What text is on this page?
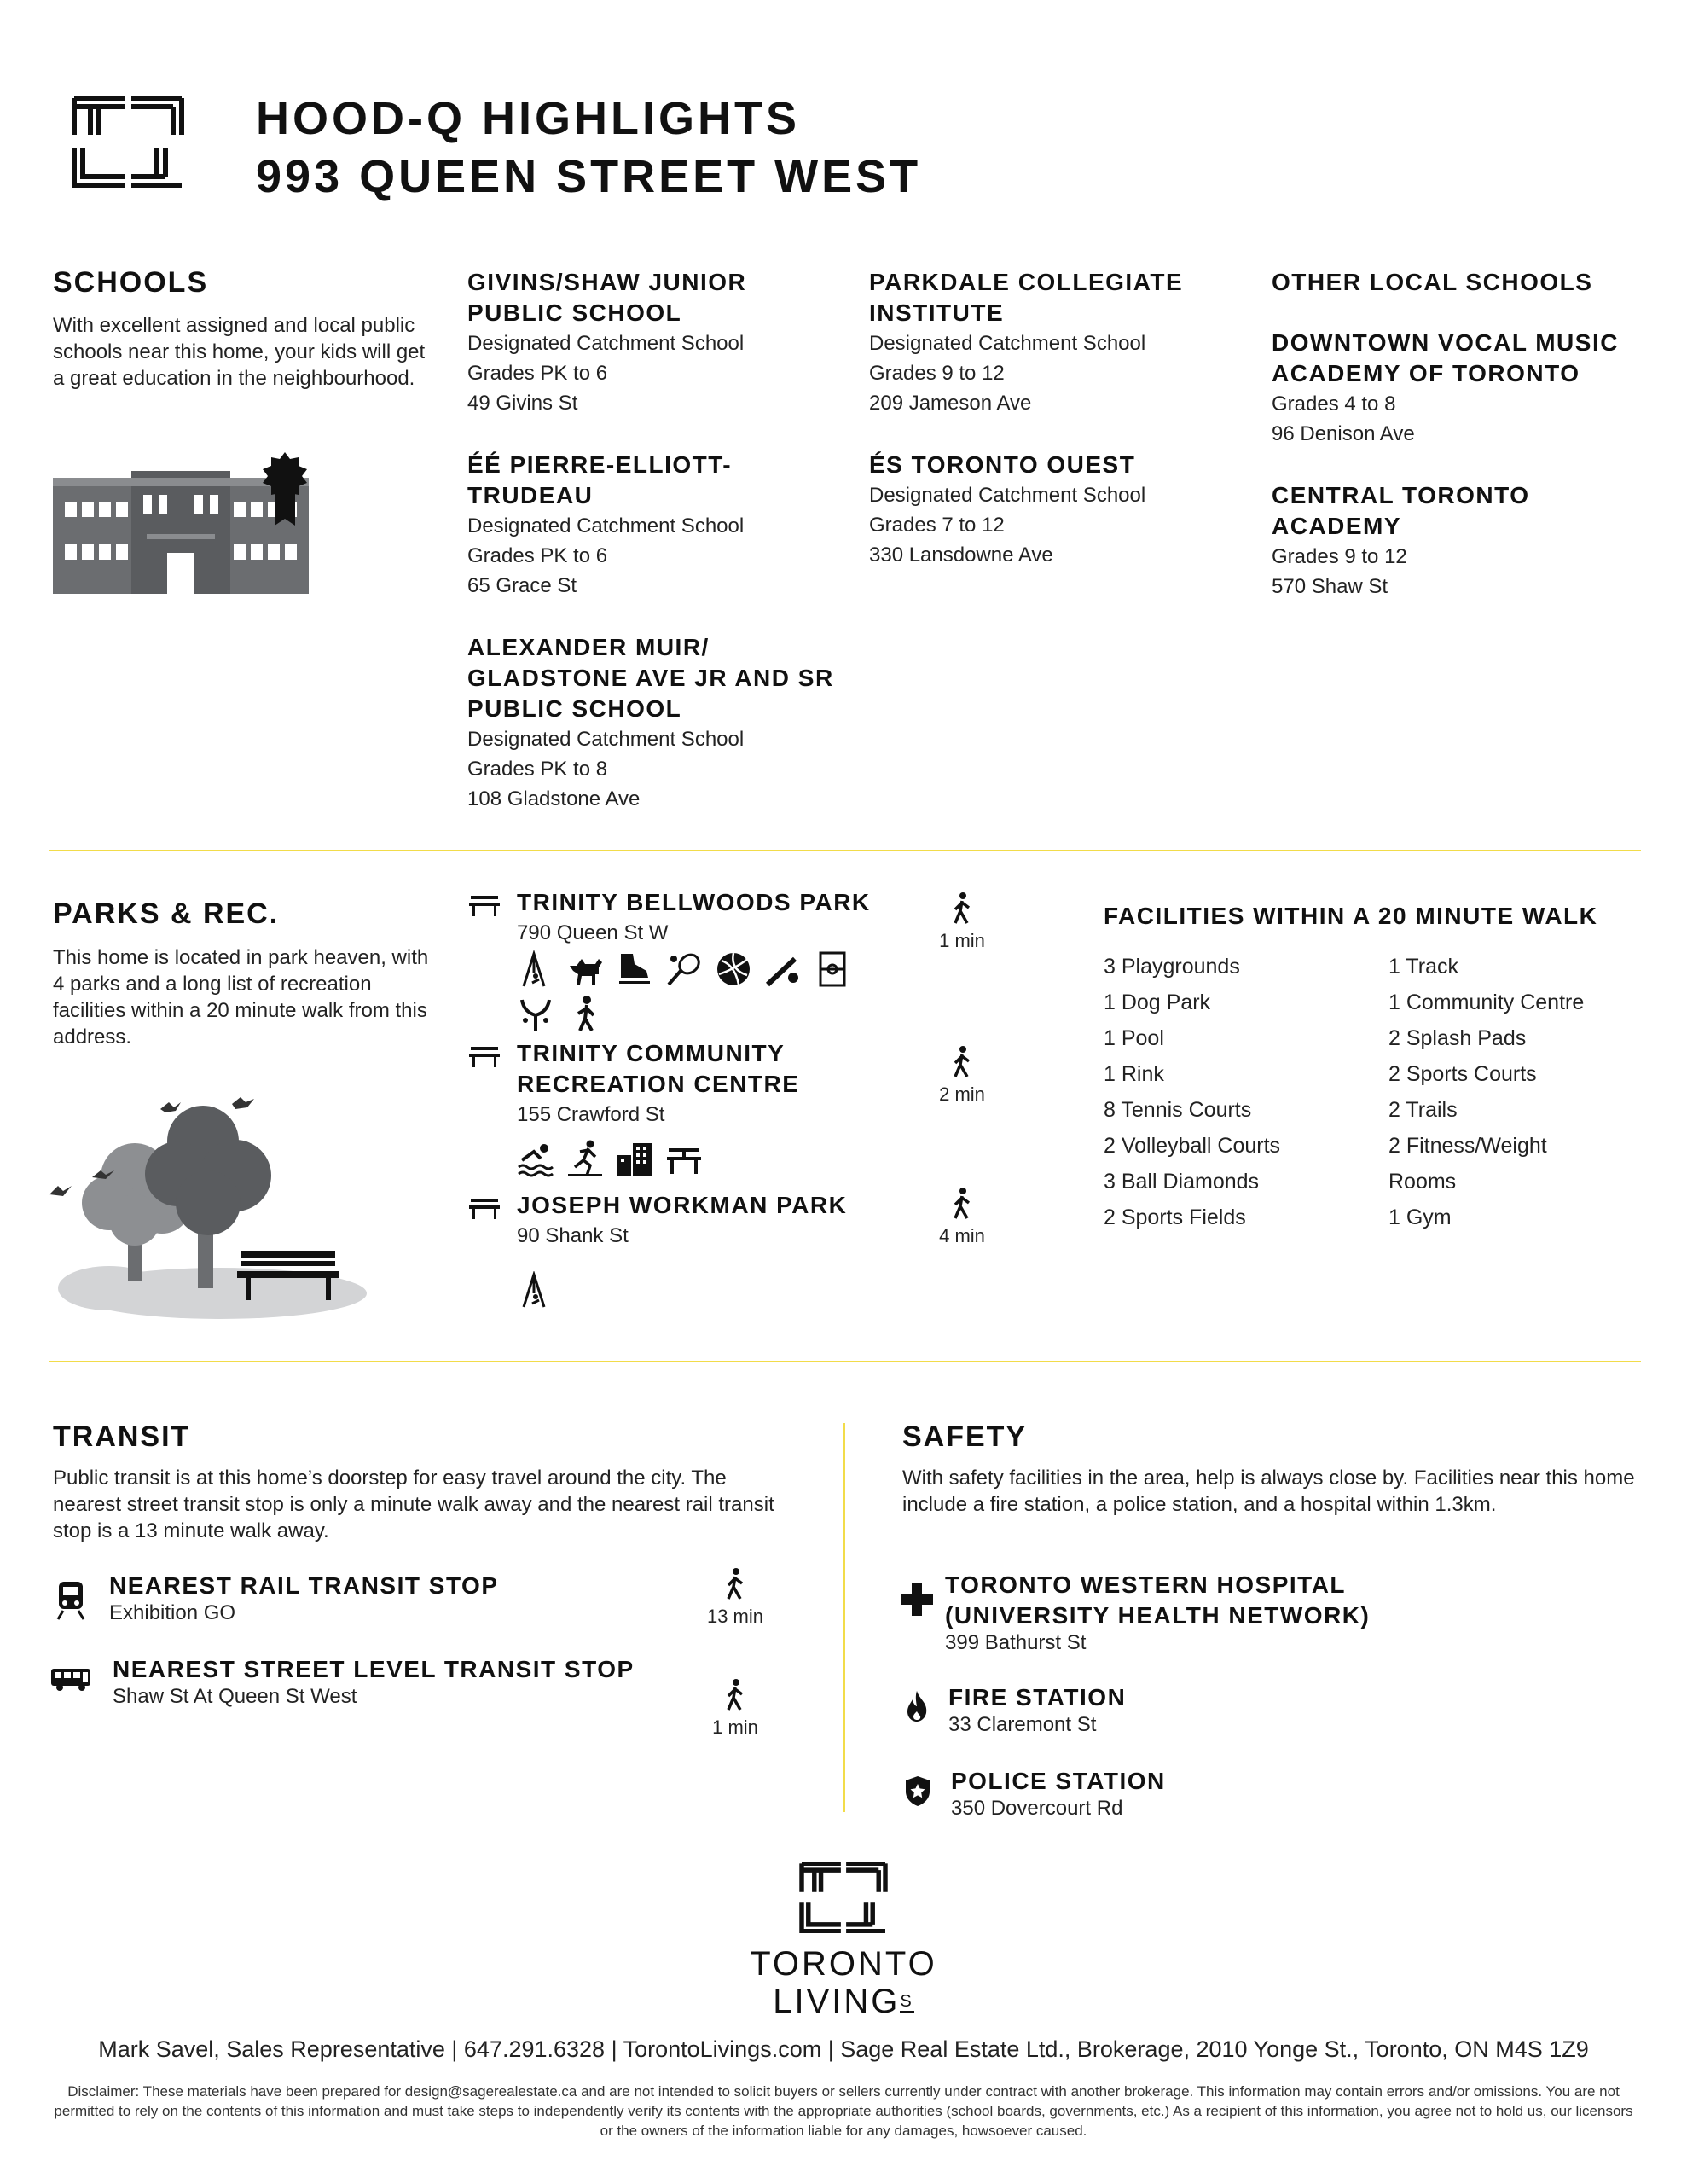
HOOD-Q HIGHLIGHTS
993 QUEEN STREET WEST
SCHOOLS
With excellent assigned and local public schools near this home, your kids will get a great education in the neighbourhood.
GIVINS/SHAW JUNIOR PUBLIC SCHOOL
Designated Catchment School
Grades PK to 6
49 Givins St
ÉÉ PIERRE-ELLIOTT-TRUDEAU
Designated Catchment School
Grades PK to 6
65 Grace St
ALEXANDER MUIR/ GLADSTONE AVE JR AND SR PUBLIC SCHOOL
Designated Catchment School
Grades PK to 8
108 Gladstone Ave
PARKDALE COLLEGIATE INSTITUTE
Designated Catchment School
Grades 9 to 12
209 Jameson Ave
ÉS TORONTO OUEST
Designated Catchment School
Grades 7 to 12
330 Lansdowne Ave
OTHER LOCAL SCHOOLS
DOWNTOWN VOCAL MUSIC ACADEMY OF TORONTO
Grades 4 to 8
96 Denison Ave
CENTRAL TORONTO ACADEMY
Grades 9 to 12
570 Shaw St
PARKS & REC.
This home is located in park heaven, with 4 parks and a long list of recreation facilities within a 20 minute walk from this address.
TRINITY BELLWOODS PARK
790 Queen St W	1 min
TRINITY COMMUNITY RECREATION CENTRE
155 Crawford St
2 min
JOSEPH WORKMAN PARK
90 Shank St	4 min
FACILITIES WITHIN A 20 MINUTE WALK
3 Playgrounds
1 Dog Park
1 Pool
1 Rink
8 Tennis Courts
2 Volleyball Courts
3 Ball Diamonds
2 Sports Fields
1 Track
1 Community Centre
2 Splash Pads
2 Sports Courts
2 Trails
2 Fitness/Weight
Rooms
1 Gym
TRANSIT
Public transit is at this home’s doorstep for easy travel around the city. The nearest street transit stop is only a minute walk away and the nearest rail transit stop is a 13 minute walk away.
NEAREST RAIL TRANSIT STOP
Exhibition GO	13 min
NEAREST STREET LEVEL TRANSIT STOP
Shaw St At Queen St West
1 min
SAFETY
With safety facilities in the area, help is always close by. Facilities near this home include a fire station, a police station, and a hospital within 1.3km.
TORONTO WESTERN HOSPITAL
(UNIVERSITY HEALTH NETWORK)
399 Bathurst St
FIRE STATION
33 Claremont St
POLICE STATION
350 Dovercourt Rd
TORONTO
$LIVING^S$
Mark Savel, Sales Representative | 647.291.6328 | TorontoLivings.com | Sage Real Estate Ltd., Brokerage, 2010 Yonge St., Toronto, ON M4S 1Z9
Disclaimer: These materials have been prepared for design@sagerealestate.ca and are not intended to solicit buyers or sellers currently under contract with another brokerage. This information may contain errors and/or omissions. You are not permitted to rely on the contents of this information and must take steps to independently verify its contents with the appropriate authorities (school boards, governments, etc.) As a recipient of this information, you agree not to hold us, our licensors or the owners of the information liable for any damages, howsoever caused.
